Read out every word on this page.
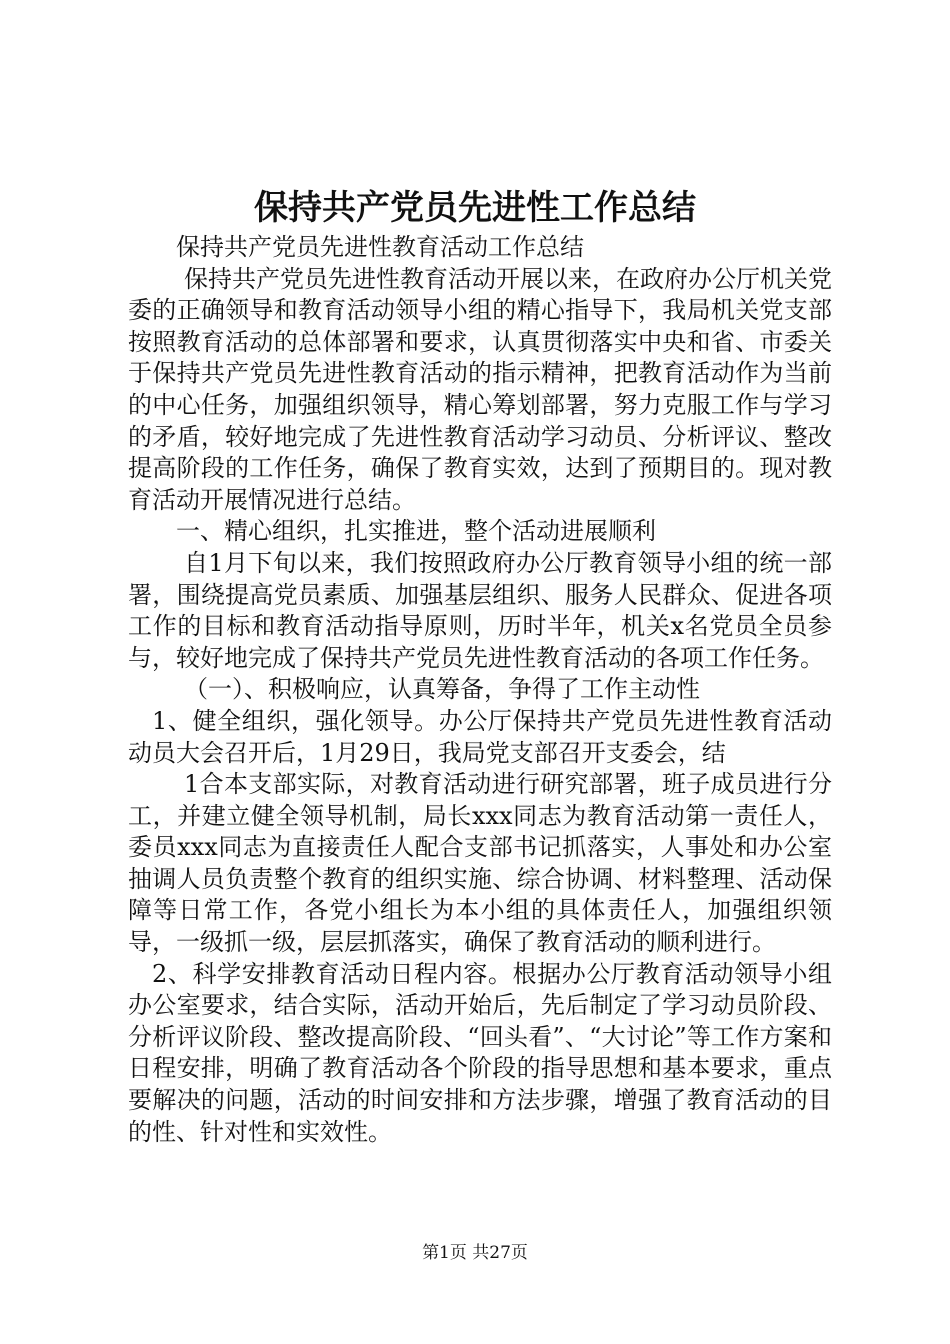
保持共产党员先进性工作总结

保持共产党员先进性教育活动工作总结

保持共产党员先进性教育活动开展以来，在政府办公厅机关党委的正确领导和教育活动领导小组的精心指导下，我局机关党支部按照教育活动的总体部署和要求，认真贯彻落实中央和省、市委关于保持共产党员先进性教育活动的指示精神，把教育活动作为当前的中心任务，加强组织领导，精心筹划部署，努力克服工作与学习的矛盾，较好地完成了先进性教育活动学习动员、分析评议、整改提高阶段的工作任务，确保了教育实效，达到了预期目的。现对教育活动开展情况进行总结。

一、精心组织，扎实推进，整个活动进展顺利

自1月下旬以来，我们按照政府办公厅教育领导小组的统一部署，围绕提高党员素质、加强基层组织、服务人民群众、促进各项工作的目标和教育活动指导原则，历时半年，机关x名党员全员参与，较好地完成了保持共产党员先进性教育活动的各项工作任务。

（一）、积极响应，认真筹备，争得了工作主动性

1、健全组织，强化领导。办公厅保持共产党员先进性教育活动动员大会召开后，1月29日，我局党支部召开支委会，结

1合本支部实际，对教育活动进行研究部署，班子成员进行分工，并建立健全领导机制，局长xxx同志为教育活动第一责任人，委员xxx同志为直接责任人配合支部书记抓落实，人事处和办公室抽调人员负责整个教育的组织实施、综合协调、材料整理、活动保障等日常工作，各党小组长为本小组的具体责任人，加强组织领导，一级抓一级，层层抓落实，确保了教育活动的顺利进行。

2、科学安排教育活动日程内容。根据办公厅教育活动领导小组办公室要求，结合实际，活动开始后，先后制定了学习动员阶段、分析评议阶段、整改提高阶段、“回头看”、“大讨论”等工作方案和日程安排，明确了教育活动各个阶段的指导思想和基本要求，重点要解决的问题，活动的时间安排和方法步骤，增强了教育活动的目的性、针对性和实效性。

第1页 共27页
